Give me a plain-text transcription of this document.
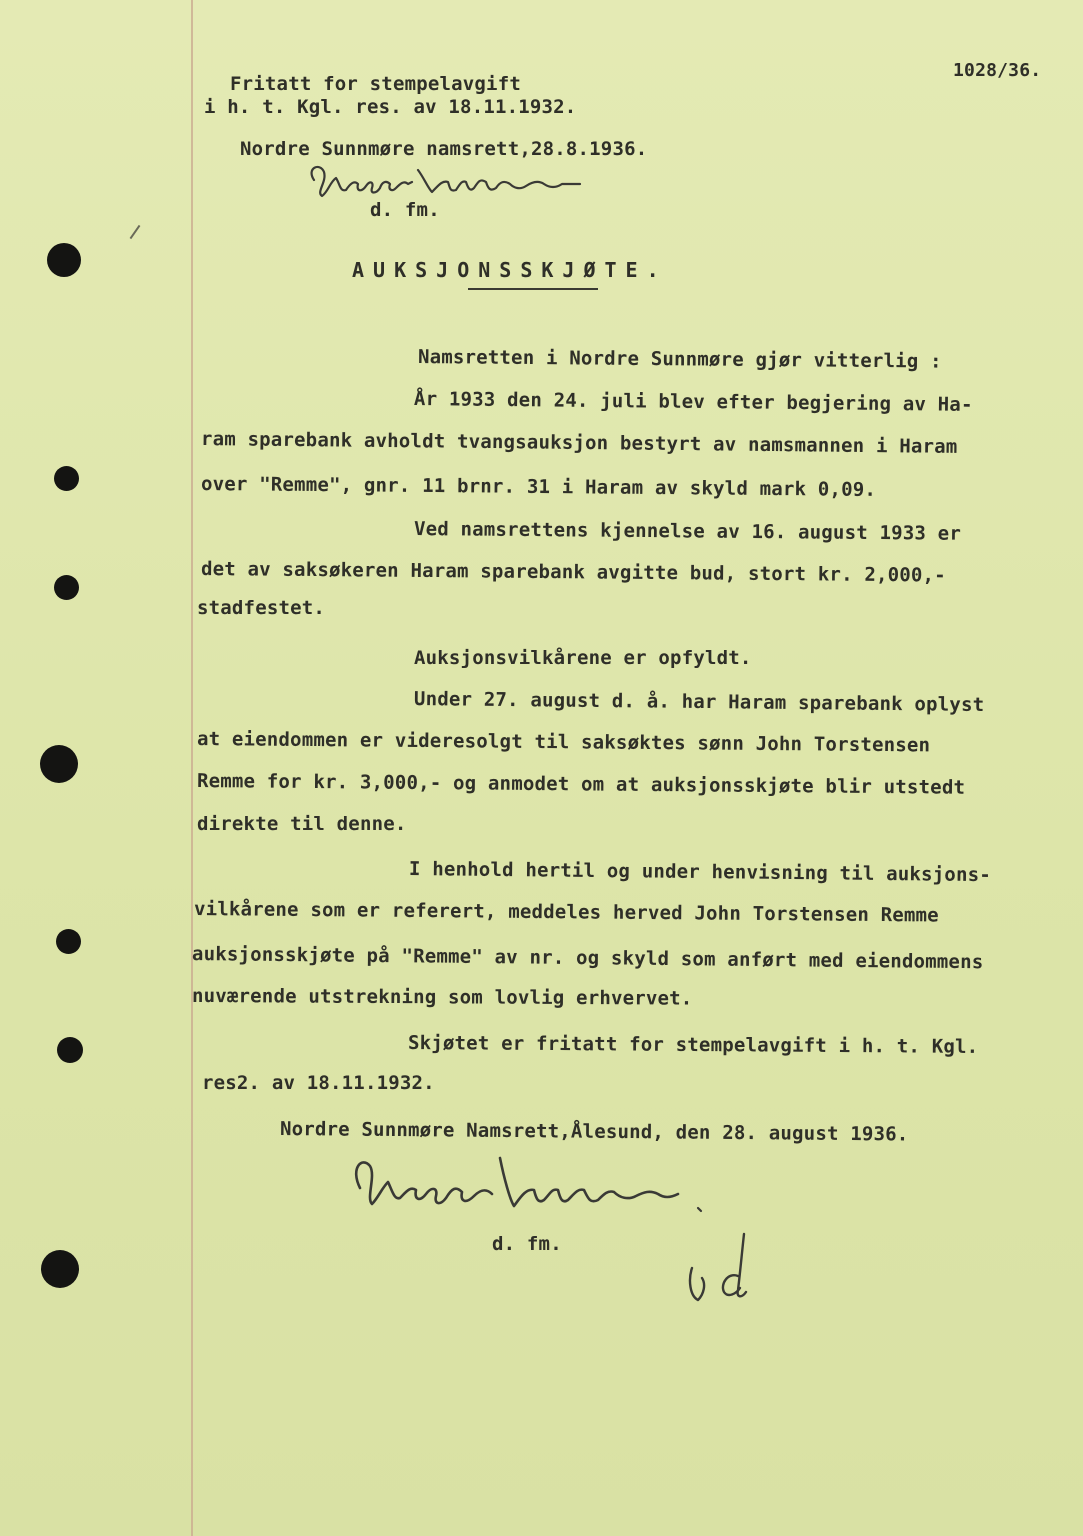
Fritatt for stempelavgift
i h. t. Kgl. res. av 18.11.1932.
1028/36.
Nordre Sunnmøre namsrett,28.8.1936.
d. fm.
AUKSJONSSKJØTE.
Namsretten i Nordre Sunnmøre gjør vitterlig :
År 1933 den 24. juli blev efter begjering av Ha-
ram sparebank avholdt tvangsauksjon bestyrt av namsmannen i Haram
over "Remme", gnr. 11 brnr. 31 i Haram av skyld mark 0,09.
Ved namsrettens kjennelse av 16. august 1933 er
det av saksøkeren Haram sparebank avgitte bud, stort kr. 2,000,-
stadfestet.
Auksjonsvilkårene er opfyldt.
Under 27. august d. å. har Haram sparebank oplyst
at eiendommen er videresolgt til saksøktes sønn John Torstensen
Remme for kr. 3,000,- og anmodet om at auksjonsskjøte blir utstedt
direkte til denne.
I henhold hertil og under henvisning til auksjons-
vilkårene som er referert, meddeles herved John Torstensen Remme
auksjonsskjøte på "Remme" av nr. og skyld som anført med eiendommens
nuværende utstrekning som lovlig erhvervet.
Skjøtet er fritatt for stempelavgift i h. t. Kgl.
res2. av 18.11.1932.
Nordre Sunnmøre Namsrett,Ålesund, den 28. august 1936.
d. fm.
